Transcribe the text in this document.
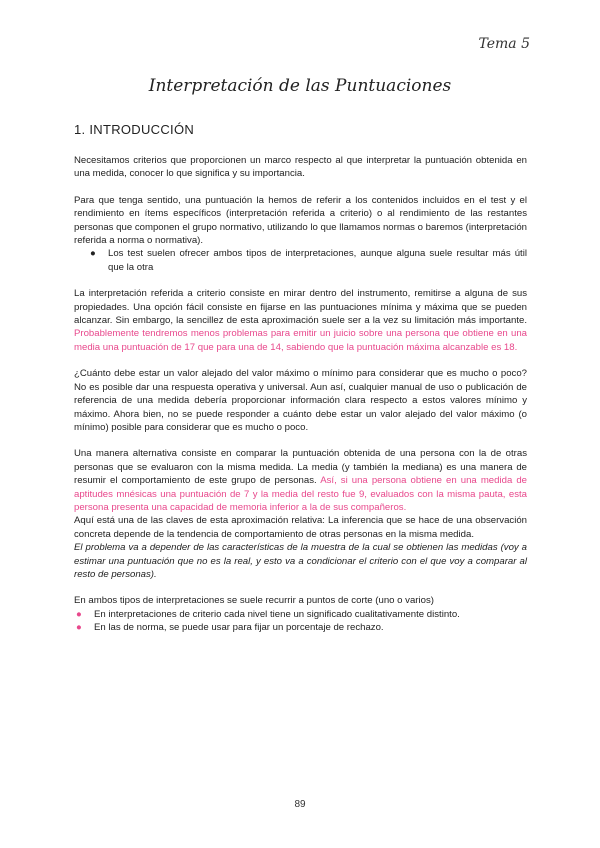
Tema 5
Interpretación de las Puntuaciones
1. INTRODUCCIÓN

Necesitamos criterios que proporcionen un marco respecto al que interpretar la puntuación obtenida en una medida, conocer lo que significa y su importancia.

Para que tenga sentido, una puntuación la hemos de referir a los contenidos incluidos en el test y el rendimiento en ítems específicos (interpretación referida a criterio) o al rendimiento de las restantes personas que componen el grupo normativo, utilizando lo que llamamos normas o baremos (interpretación referida a norma o normativa).

● Los test suelen ofrecer ambos tipos de interpretaciones, aunque alguna suele resultar más útil que la otra

La interpretación referida a criterio consiste en mirar dentro del instrumento, remitirse a alguna de sus propiedades. Una opción fácil consiste en fijarse en las puntuaciones mínima y máxima que se pueden alcanzar. Sin embargo, la sencillez de esta aproximación suele ser a la vez su limitación más importante. Probablemente tendremos menos problemas para emitir un juicio sobre una persona que obtiene en una media una puntuación de 17 que para una de 14, sabiendo que la puntuación máxima alcanzable es 18.

¿Cuánto debe estar un valor alejado del valor máximo o mínimo para considerar que es mucho o poco? No es posible dar una respuesta operativa y universal. Aun así, cualquier manual de uso o publicación de referencia de una medida debería proporcionar información clara respecto a estos valores mínimo y máximo. Ahora bien, no se puede responder a cuánto debe estar un valor alejado del valor máximo (o mínimo) posible para considerar que es mucho o poco.

Una manera alternativa consiste en comparar la puntuación obtenida de una persona con la de otras personas que se evaluaron con la misma medida. La media (y también la mediana) es una manera de resumir el comportamiento de este grupo de personas. Así, si una persona obtiene en una medida de aptitudes mnésicas una puntuación de 7 y la media del resto fue 9, evaluados con la misma pauta, esta persona presenta una capacidad de memoria inferior a la de sus compañeros.

Aquí está una de las claves de esta aproximación relativa: La inferencia que se hace de una observación concreta depende de la tendencia de comportamiento de otras personas en la misma medida.

El problema va a depender de las características de la muestra de la cual se obtienen las medidas (voy a estimar una puntuación que no es la real, y esto va a condicionar el criterio con el que voy a comparar al resto de personas).

En ambos tipos de interpretaciones se suele recurrir a puntos de corte (uno o varios)

● En interpretaciones de criterio cada nivel tiene un significado cualitativamente distinto.
● En las de norma, se puede usar para fijar un porcentaje de rechazo.
89
